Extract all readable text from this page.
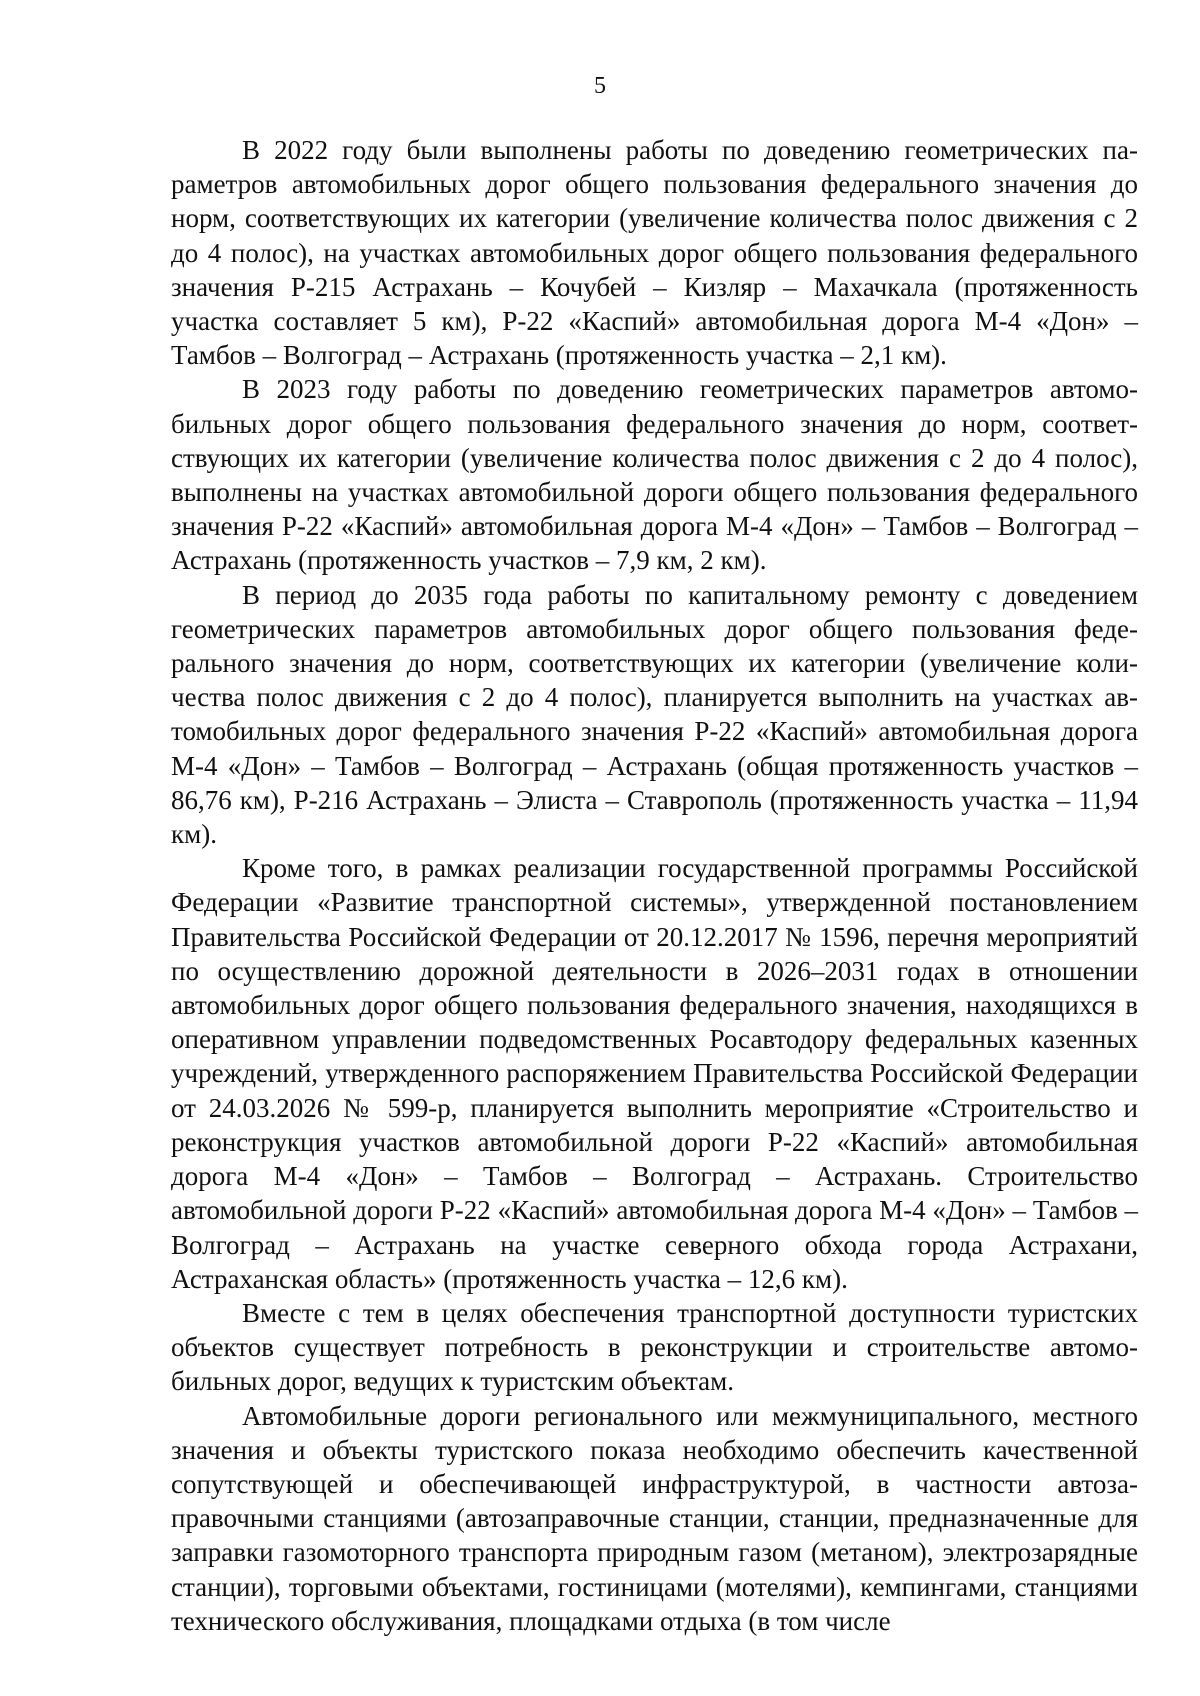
5

В 2022 году были выполнены работы по доведению геометрических параметров автомобильных дорог общего пользования федерального значения до норм, соответствующих их категории (увеличение количества полос движения с 2 до 4 полос), на участках автомобильных дорог общего пользования федерального значения Р-215 Астрахань – Кочубей – Кизляр – Махачкала (протяженность участка составляет 5 км), Р-22 «Каспий» автомобильная дорога М-4 «Дон» – Тамбов – Волгоград – Астрахань (протяженность участка – 2,1 км).

В 2023 году работы по доведению геометрических параметров автомобильных дорог общего пользования федерального значения до норм, соответствующих их категории (увеличение количества полос движения с 2 до 4 полос), выполнены на участках автомобильной дороги общего пользования федерального значения Р-22 «Каспий» автомобильная дорога М-4 «Дон» – Тамбов – Волгоград – Астрахань (протяженность участков – 7,9 км, 2 км).

В период до 2035 года работы по капитальному ремонту с доведением геометрических параметров автомобильных дорог общего пользования федерального значения до норм, соответствующих их категории (увеличение количества полос движения с 2 до 4 полос), планируется выполнить на участках автомобильных дорог федерального значения Р-22 «Каспий» автомобильная дорога М-4 «Дон» – Тамбов – Волгоград – Астрахань (общая протяженность участков – 86,76 км), Р-216 Астрахань – Элиста – Ставрополь (протяженность участка – 11,94 км).

Кроме того, в рамках реализации государственной программы Российской Федерации «Развитие транспортной системы», утвержденной постановлением Правительства Российской Федерации от 20.12.2017 № 1596, перечня мероприятий по осуществлению дорожной деятельности в 2026–2031 годах в отношении автомобильных дорог общего пользования федерального значения, находящихся в оперативном управлении подведомственных Росавтодору федеральных казенных учреждений, утвержденного распоряжением Правительства Российской Федерации от 24.03.2026 № 599-р, планируется выполнить мероприятие «Строительство и реконструкция участков автомобильной дороги Р-22 «Каспий» автомобильная дорога М-4 «Дон» – Тамбов – Волгоград – Астрахань. Строительство автомобильной дороги Р-22 «Каспий» автомобильная дорога М-4 «Дон» – Тамбов – Волгоград – Астрахань на участке северного обхода города Астрахани, Астраханская область» (протяженность участка – 12,6 км).

Вместе с тем в целях обеспечения транспортной доступности туристских объектов существует потребность в реконструкции и строительстве автомобильных дорог, ведущих к туристским объектам.

Автомобильные дороги регионального или межмуниципального, местного значения и объекты туристского показа необходимо обеспечить качественной сопутствующей и обеспечивающей инфраструктурой, в частности автозаправочными станциями (автозаправочные станции, станции, предназначенные для заправки газомоторного транспорта природным газом (метаном), электрозарядные станции), торговыми объектами, гостиницами (мотелями), кемпингами, станциями технического обслуживания, площадками отдыха (в том числе
